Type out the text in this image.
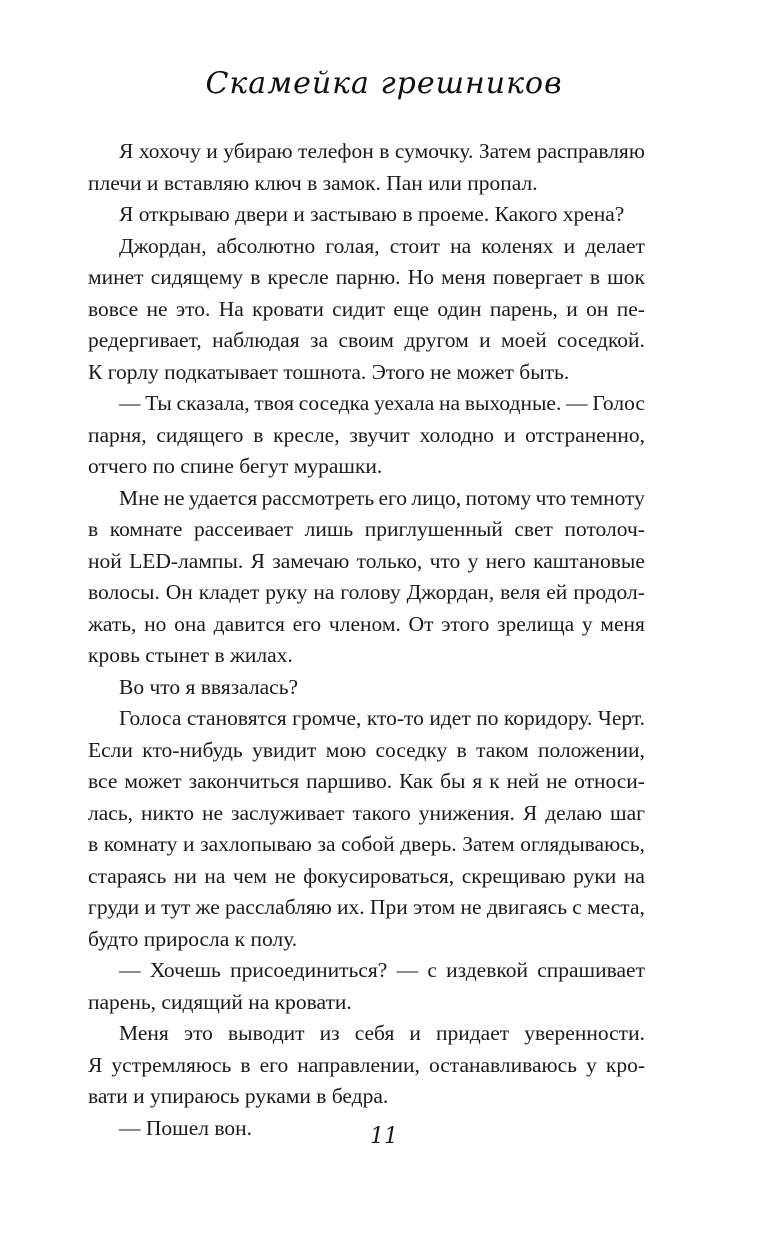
Скамейка грешников
Я хохочу и убираю телефон в сумочку. Затем расправляю
плечи и вставляю ключ в замок. Пан или пропал.
Я открываю двери и застываю в проеме. Какого хрена?
Джордан, абсолютно голая, стоит на коленях и делает
минет сидящему в кресле парню. Но меня повергает в шок
вовсе не это. На кровати сидит еще один парень, и он пе-
редергивает, наблюдая за своим другом и моей соседкой.
К горлу подкатывает тошнота. Этого не может быть.
— Ты сказала, твоя соседка уехала на выходные. — Голос
парня, сидящего в кресле, звучит холодно и отстраненно,
отчего по спине бегут мурашки.
Мне не удается рассмотреть его лицо, потому что темноту
в комнате рассеивает лишь приглушенный свет потолоч-
ной LED-лампы. Я замечаю только, что у него каштановые
волосы. Он кладет руку на голову Джордан, веля ей продол-
жать, но она давится его членом. От этого зрелища у меня
кровь стынет в жилах.
Во что я ввязалась?
Голоса становятся громче, кто-то идет по коридору. Черт.
Если кто-нибудь увидит мою соседку в таком положении,
все может закончиться паршиво. Как бы я к ней не относи-
лась, никто не заслуживает такого унижения. Я делаю шаг
в комнату и захлопываю за собой дверь. Затем оглядываюсь,
стараясь ни на чем не фокусироваться, скрещиваю руки на
груди и тут же расслабляю их. При этом не двигаясь с места,
будто приросла к полу.
— Хочешь присоединиться? — с издевкой спрашивает
парень, сидящий на кровати.
Меня это выводит из себя и придает уверенности.
Я устремляюсь в его направлении, останавливаюсь у кро-
вати и упираюсь руками в бедра.
— Пошел вон.	11
